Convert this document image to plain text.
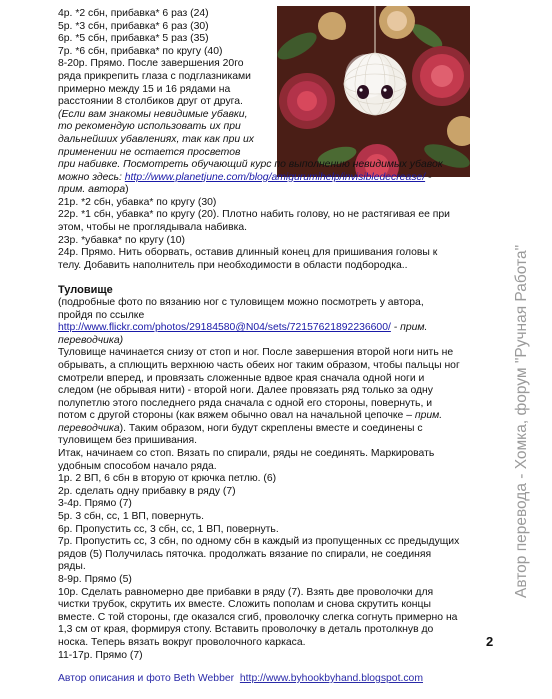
4р. *2 сбн, прибавка* 6 раз (24)

5р. *3 сбн, прибавка* 6 раз (30)

6р. *5 сбн, прибавка* 5 раз (35)

7р. *6 сбн, прибавка* по кругу (40)

8-20р. Прямо. После завершения 20го

ряда прикрепить глаза с подглазниками

примерно между 15 и 16 рядами на

расстоянии 8 столбиков друг от друга.

(Если вам знакомы невидимые убавки,

то рекомендую использовать их при

дальнейших убавлениях, так как при их

применении не остается просветов

при набивке. Посмотреть обучающий курс по выполнению невидимых убавок

можно здесь: http://www.planetjune.com/blog/amigurumihelp/invisibledecrease/ -

прим. автора)

21р. *2 сбн, убавка* по кругу (30)

22р. *1 сбн, убавка* по кругу (20). Плотно набить голову, но не растягивая ее при

этом, чтобы не проглядывала набивка.

23р. *убавка* по кругу (10)

24р. Прямо. Нить оборвать, оставив длинный конец для пришивания головы к

телу. Добавить наполнитель при необходимости в области подбородка..

Туловище

(подробные фото по вязанию ног с туловищем можно посмотреть у автора,

пройдя по ссылке

http://www.flickr.com/photos/29184580@N04/sets/72157621892236600/ - прим.

переводчика)

Туловище начинается снизу от стоп и ног. После завершения второй ноги нить не

обрывать, а сплющить верхнюю часть обеих ног таким образом, чтобы пальцы ног

смотрели вперед, и провязать сложенные вдвое края сначала одной ноги и

следом (не обрывая нити) - второй ноги. Далее провязать ряд только за одну

полупетлю этого последнего ряда сначала с одной его стороны, повернуть, и

потом с другой стороны (как вяжем обычно овал на начальной цепочке – прим.

переводчика). Таким образом, ноги будут скреплены вместе и соединены с

туловищем без пришивания.

Итак, начинаем со стоп. Вязать по спирали, ряды не соединять. Маркировать

удобным способом начало ряда.

1р. 2 ВП, 6 сбн в вторую от крючка петлю. (6)

2р. сделать одну прибавку в ряду (7)

3-4р. Прямо (7)

5р. 3 сбн, сс, 1 ВП, повернуть.

6р. Пропустить сс, 3 сбн, сс, 1 ВП, повернуть.

7р. Пропустить сс, 3 сбн, по одному сбн в каждый из пропущенных сс предыдущих

рядов (5) Получилась пяточка. продолжать вязание по спирали, не соединяя

ряды.

8-9р. Прямо (5)

10р. Сделать равномерно две прибавки в ряду (7). Взять две проволочки для

чистки трубок, скрутить их вместе. Сложить пополам и снова скрутить концы

вместе. С той стороны, где оказался сгиб, проволочку слегка согнуть примерно на

1,3 см от края, формируя стопу. Вставить проволочку в деталь протолкнув до

носка. Теперь вязать вокруг проволочного каркаса.

11-17р. Прямо (7)

Автор перевода - Хомка, форум "Ручная Работа"
2
Автор описания и фото Beth Webber http://www.byhookbyhand.blogspot.com
